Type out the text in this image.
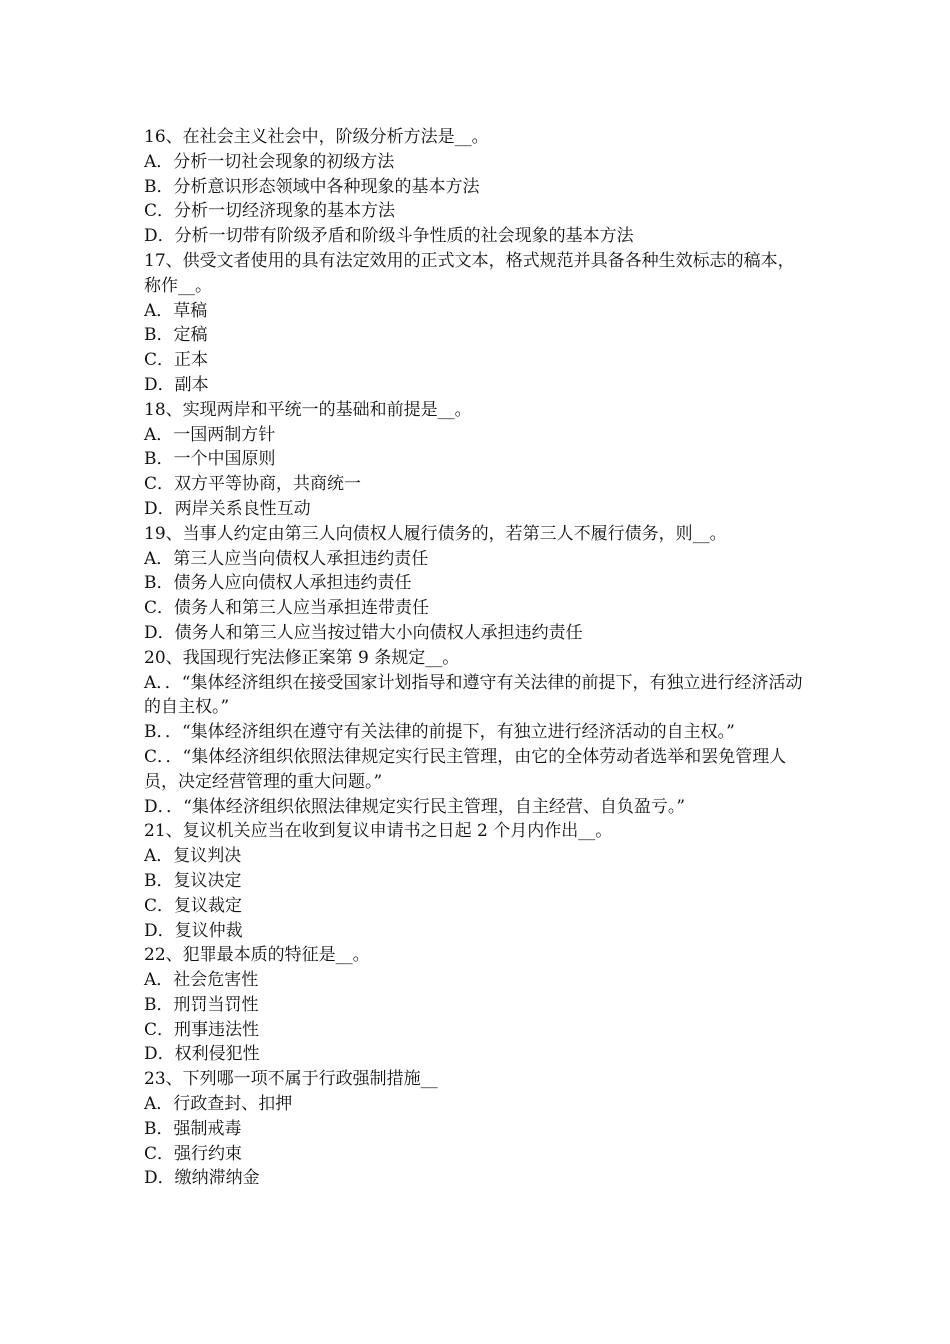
16、在社会主义社会中，阶级分析方法是__。

A．分析一切社会现象的初级方法

B．分析意识形态领域中各种现象的基本方法

C．分析一切经济现象的基本方法

D．分析一切带有阶级矛盾和阶级斗争性质的社会现象的基本方法

17、供受文者使用的具有法定效用的正式文本，格式规范并具备各种生效标志的稿本，称作__。

A．草稿

B．定稿

C．正本

D．副本

18、实现两岸和平统一的基础和前提是__。

A．一国两制方针

B．一个中国原则

C．双方平等协商，共商统一

D．两岸关系良性互动

19、当事人约定由第三人向债权人履行债务的，若第三人不履行债务，则__。

A．第三人应当向债权人承担违约责任

B．债务人应向债权人承担违约责任

C．债务人和第三人应当承担连带责任

D．债务人和第三人应当按过错大小向债权人承担违约责任

20、我国现行宪法修正案第 9 条规定__。

A．．“集体经济组织在接受国家计划指导和遵守有关法律的前提下，有独立进行经济活动的自主权。”

B．．“集体经济组织在遵守有关法律的前提下，有独立进行经济活动的自主权。”

C．．“集体经济组织依照法律规定实行民主管理，由它的全体劳动者选举和罢免管理人员，决定经营管理的重大问题。”

D．．“集体经济组织依照法律规定实行民主管理，自主经营、自负盈亏。”

21、复议机关应当在收到复议申请书之日起 2 个月内作出__。

A．复议判决

B．复议决定

C．复议裁定

D．复议仲裁

22、犯罪最本质的特征是__。

A．社会危害性

B．刑罚当罚性

C．刑事违法性

D．权利侵犯性

23、下列哪一项不属于行政强制措施__

A．行政查封、扣押

B．强制戒毒

C．强行约束

D．缴纳滞纳金
